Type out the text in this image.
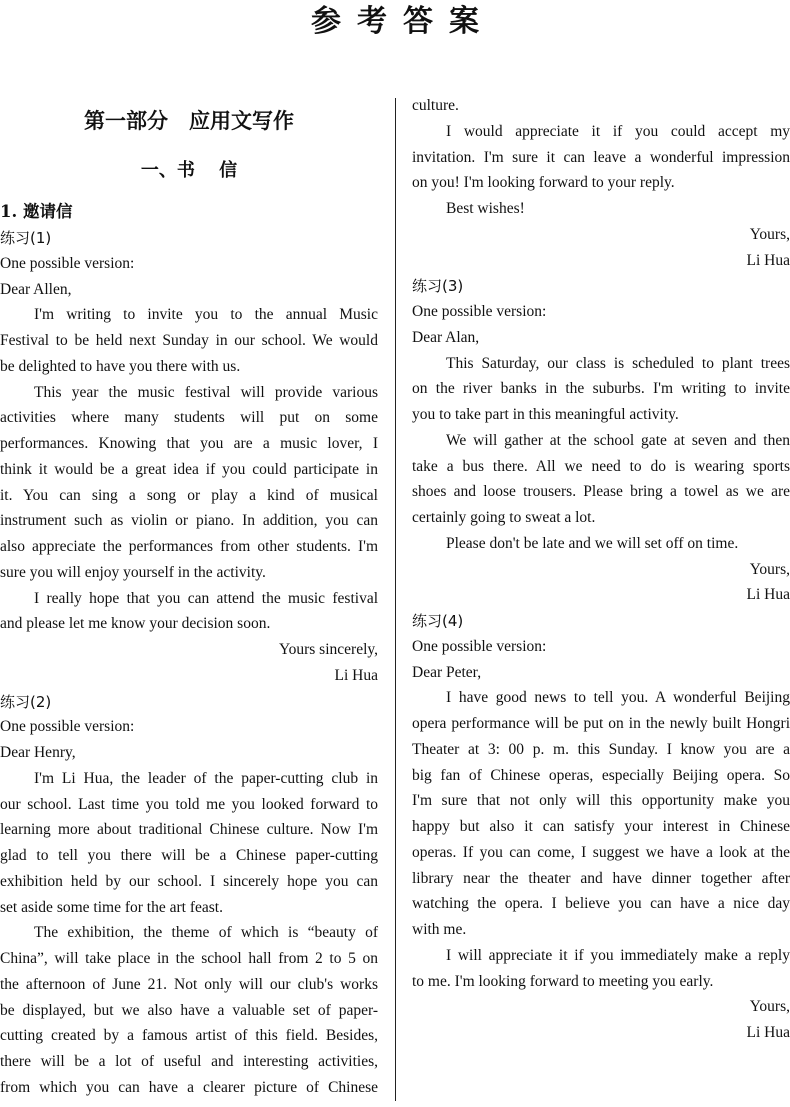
参考答案
第一部分　应用文写作
一、书 信
1. 邀请信
练习(1)
One possible version:
Dear Allen,
I'm writing to invite you to the annual Music
Festival to be held next Sunday in our school. We would
be delighted to have you there with us.
This year the music festival will provide various
activities where many students will put on some
performances. Knowing that you are a music lover, I
think it would be a great idea if you could participate in
it. You can sing a song or play a kind of musical
instrument such as violin or piano. In addition, you can
also appreciate the performances from other students. I'm
sure you will enjoy yourself in the activity.
I really hope that you can attend the music festival
and please let me know your decision soon.
Yours sincerely,
Li Hua
练习(2)
One possible version:
Dear Henry,
I'm Li Hua, the leader of the paper-cutting club in
our school. Last time you told me you looked forward to
learning more about traditional Chinese culture. Now I'm
glad to tell you there will be a Chinese paper-cutting
exhibition held by our school. I sincerely hope you can
set aside some time for the art feast.
The exhibition, the theme of which is “beauty of
China”, will take place in the school hall from 2 to 5 on
the afternoon of June 21. Not only will our club's works
be displayed, but we also have a valuable set of paper-
cutting created by a famous artist of this field. Besides,
there will be a lot of useful and interesting activities,
from which you can have a clearer picture of Chinese
culture.
I would appreciate it if you could accept my
invitation. I'm sure it can leave a wonderful impression
on you! I'm looking forward to your reply.
Best wishes!
Yours,
Li Hua
练习(3)
One possible version:
Dear Alan,
This Saturday, our class is scheduled to plant trees
on the river banks in the suburbs. I'm writing to invite
you to take part in this meaningful activity.
We will gather at the school gate at seven and then
take a bus there. All we need to do is wearing sports
shoes and loose trousers. Please bring a towel as we are
certainly going to sweat a lot.
Please don't be late and we will set off on time.
Yours,
Li Hua
练习(4)
One possible version:
Dear Peter,
I have good news to tell you. A wonderful Beijing
opera performance will be put on in the newly built Hongri
Theater at 3: 00 p. m. this Sunday. I know you are a
big fan of Chinese operas, especially Beijing opera. So
I'm sure that not only will this opportunity make you
happy but also it can satisfy your interest in Chinese
operas. If you can come, I suggest we have a look at the
library near the theater and have dinner together after
watching the opera. I believe you can have a nice day
with me.
I will appreciate it if you immediately make a reply
to me. I'm looking forward to meeting you early.
Yours,
Li Hua
